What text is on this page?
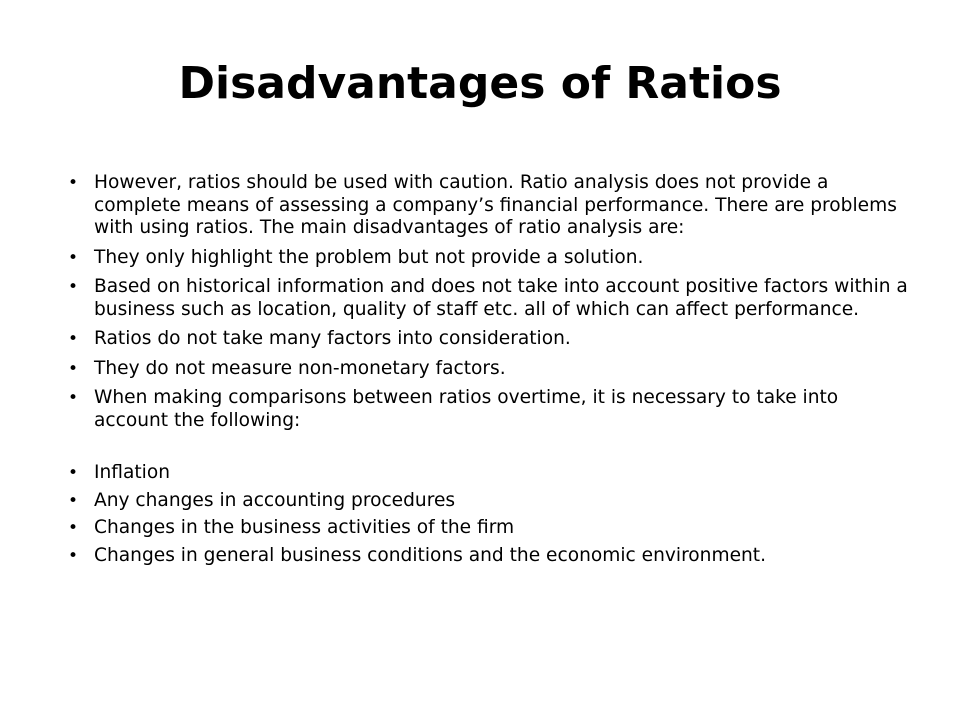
Disadvantages of Ratios
• However, ratios should be used with caution. Ratio analysis does not provide a complete means of assessing a company’s financial performance. There are problems with using ratios. The main disadvantages of ratio analysis are:
• They only highlight the problem but not provide a solution.
• Based on historical information and does not take into account positive factors within a business such as location, quality of staff etc. all of which can affect performance.
• Ratios do not take many factors into consideration.
• They do not measure non-monetary factors.
• When making comparisons between ratios overtime, it is necessary to take into account the following:
• Inflation
• Any changes in accounting procedures
• Changes in the business activities of the firm
• Changes in general business conditions and the economic environment.
